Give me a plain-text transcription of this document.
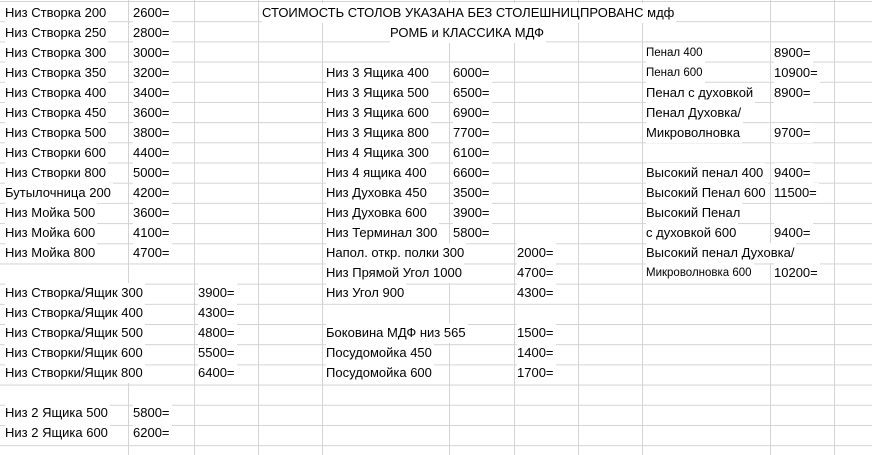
СТОИМОСТЬ СТОЛОВ УКАЗАНА БЕЗ СТОЛЕШНИЦ ПРОВАНС мдф
РОМБ и КЛАССИКА МДФ
Низ Створка 200 2600=
Низ Створка 250 2800=
Низ Створка 300 3000=
Низ Створка 350 3200=
Низ Створка 400 3400=
Низ Створка 450 3600=
Низ Створка 500 3800=
Низ Створки 600 4400=
Низ Створки 800 5000=
Бутылочница 200 4200=
Низ Мойка 500	3600=
Низ Мойка 600	4100=
Низ Мойка 800	4700=
Низ Створка/Ящик 300	3900=
Низ Створка/Ящик 400	4300=
Низ Створка/Ящик 500	4800=
Низ Створки/Ящик 600	5500=
Низ Створки/Ящик 800	6400=
Низ 2 Ящика 500 5800=
Низ 2 Ящика 600 6200=
Низ 3 Ящика 400 6000=
Низ 3 Ящика 500 6500=
Низ 3 Ящика 600 6900=
Низ 3 Ящика 800 7700=
Низ 4 Ящика 300 6100=
Низ 4 ящика 400 6600=
Низ Духовка 450 3500=
Низ Духовка 600 3900=
Низ Терминал 300 5800=
Напол. откр. полки 300	2000=
Низ Прямой Угол 1000	4700=
Низ Угол 900	4300=
Боковина МДФ низ 565	1500=
Посудомойка 450	1400=
Посудомойка 600	1700=
Пенал 400	8900=
Пенал 600	10900=
Пенал с духовкой 8900=
Пенал Духовка/
Микроволновка	9700=
Высокий пенал 400 9400=
Высокий Пенал 600 11500=
Высокий Пенал
с духовкой 600	9400=
Высокий пенал Духовка/
Микроволновка 600 10200=
